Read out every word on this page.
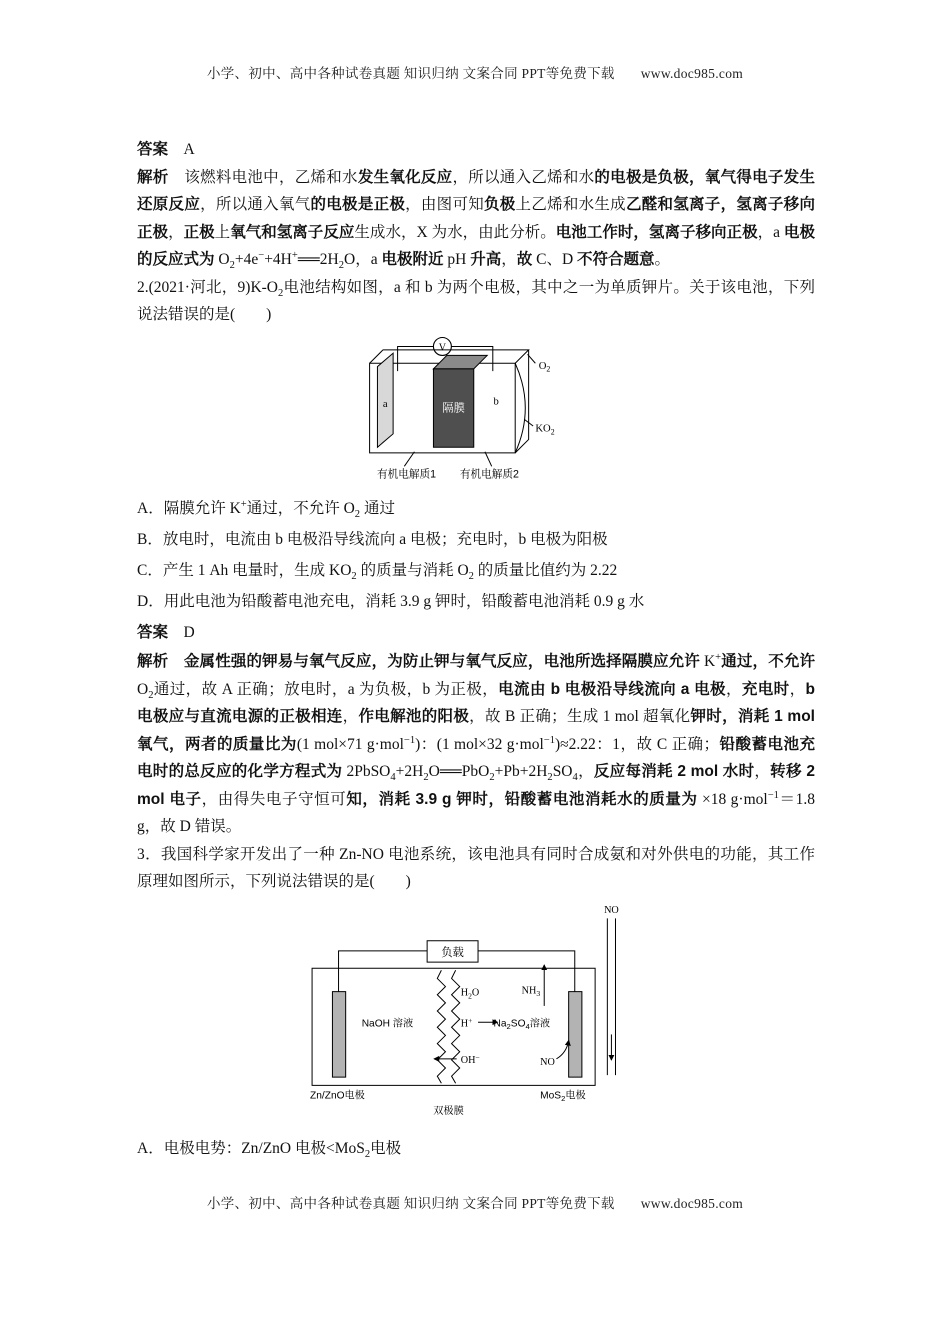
小学、初中、高中各种试卷真题 知识归纳 文案合同 PPT等免费下载 www.doc985.com

答案　A

解析　该燃料电池中，乙烯和水发生氧化反应，所以通入乙烯和水的电极是负极，氧气得电子发生还原反应，所以通入氧气的电极是正极，由图可知负极上乙烯和水生成乙醛和氢离子，氢离子移向正极，正极上氧气和氢离子反应生成水，X 为水，由此分析。电池工作时，氢离子移向正极，a 电极的反应式为 $O_2+4e^-+4H^+══2H_2O$，a 电极附近 pH 升高，故 C、D 不符合题意。

2.(2021·河北，$9)K-O_2$电池结构如图，a 和 b 为两个电极，其中之一为单质钾片。关于该电池，下列说法错误的是(　　)

V
a	隔膜
b
$O_2$
$KO_2$
有机电解质1	有机电解质2

A．隔膜允许 K+通过，不允许 $O_2$ 通过

B．放电时，电流由 b 电极沿导线流向 a 电极；充电时，b 电极为阳极

C．产生 1 Ah 电量时，生成 $KO_2$ 的质量与消耗 $O_2$ 的质量比值约为 2.22

D．用此电池为铅酸蓄电池充电，消耗 3.9 g 钾时，铅酸蓄电池消耗 0.9 g 水

答案　D

解析　 金属性强的钾易与氧气反应，为防止钾与氧气反应，电池所选择隔膜应允许 K+通过，不允许 $O_2$通过，故 A 正确；放电时，a 为负极，b 为正极，电流由 b 电极沿导线流向 a 电极，充电时，b 电极应与直流电源的正极相连，作电解池的阳极，故 B 正确；生成 1 mol 超氧化钾时，消耗 1 mol 氧气，两者的质量比为(1 mol×71 g·mol$^{-1}$)：(1 mol×32 g·mol$^{-1}$)≈2.22：1，故 C 正确；铅酸蓄电池充电时的总反应的化学方程式为 $2PbSO_4+2H_2O══PbO_2+Pb+2H_2SO_4$，反应每消耗 2 mol 水时，转移 2 mol 电子，由得失电子守恒可知，消耗 3.9 g 钾时，铅酸蓄电池消耗水的质量为 ×18 g·mol$^{-1}$＝1.8 g，故 D 错误。

3．我国科学家开发出了一种 Zn-NO 电池系统，该电池具有同时合成氨和对外供电的功能，其工作原理如图所示，下列说法错误的是(　　)

负载
NO
NaOH 溶液	$Na_2SO_4$溶液
$H_2O$
H+
OH−
$NH_3$
NO
Zn/ZnO电极	MoS$_2$电极
双极膜

A．电极电势：Zn/ZnO 电极<MoS$_2$电极

小学、初中、高中各种试卷真题 知识归纳 文案合同 PPT等免费下载 www.doc985.com
